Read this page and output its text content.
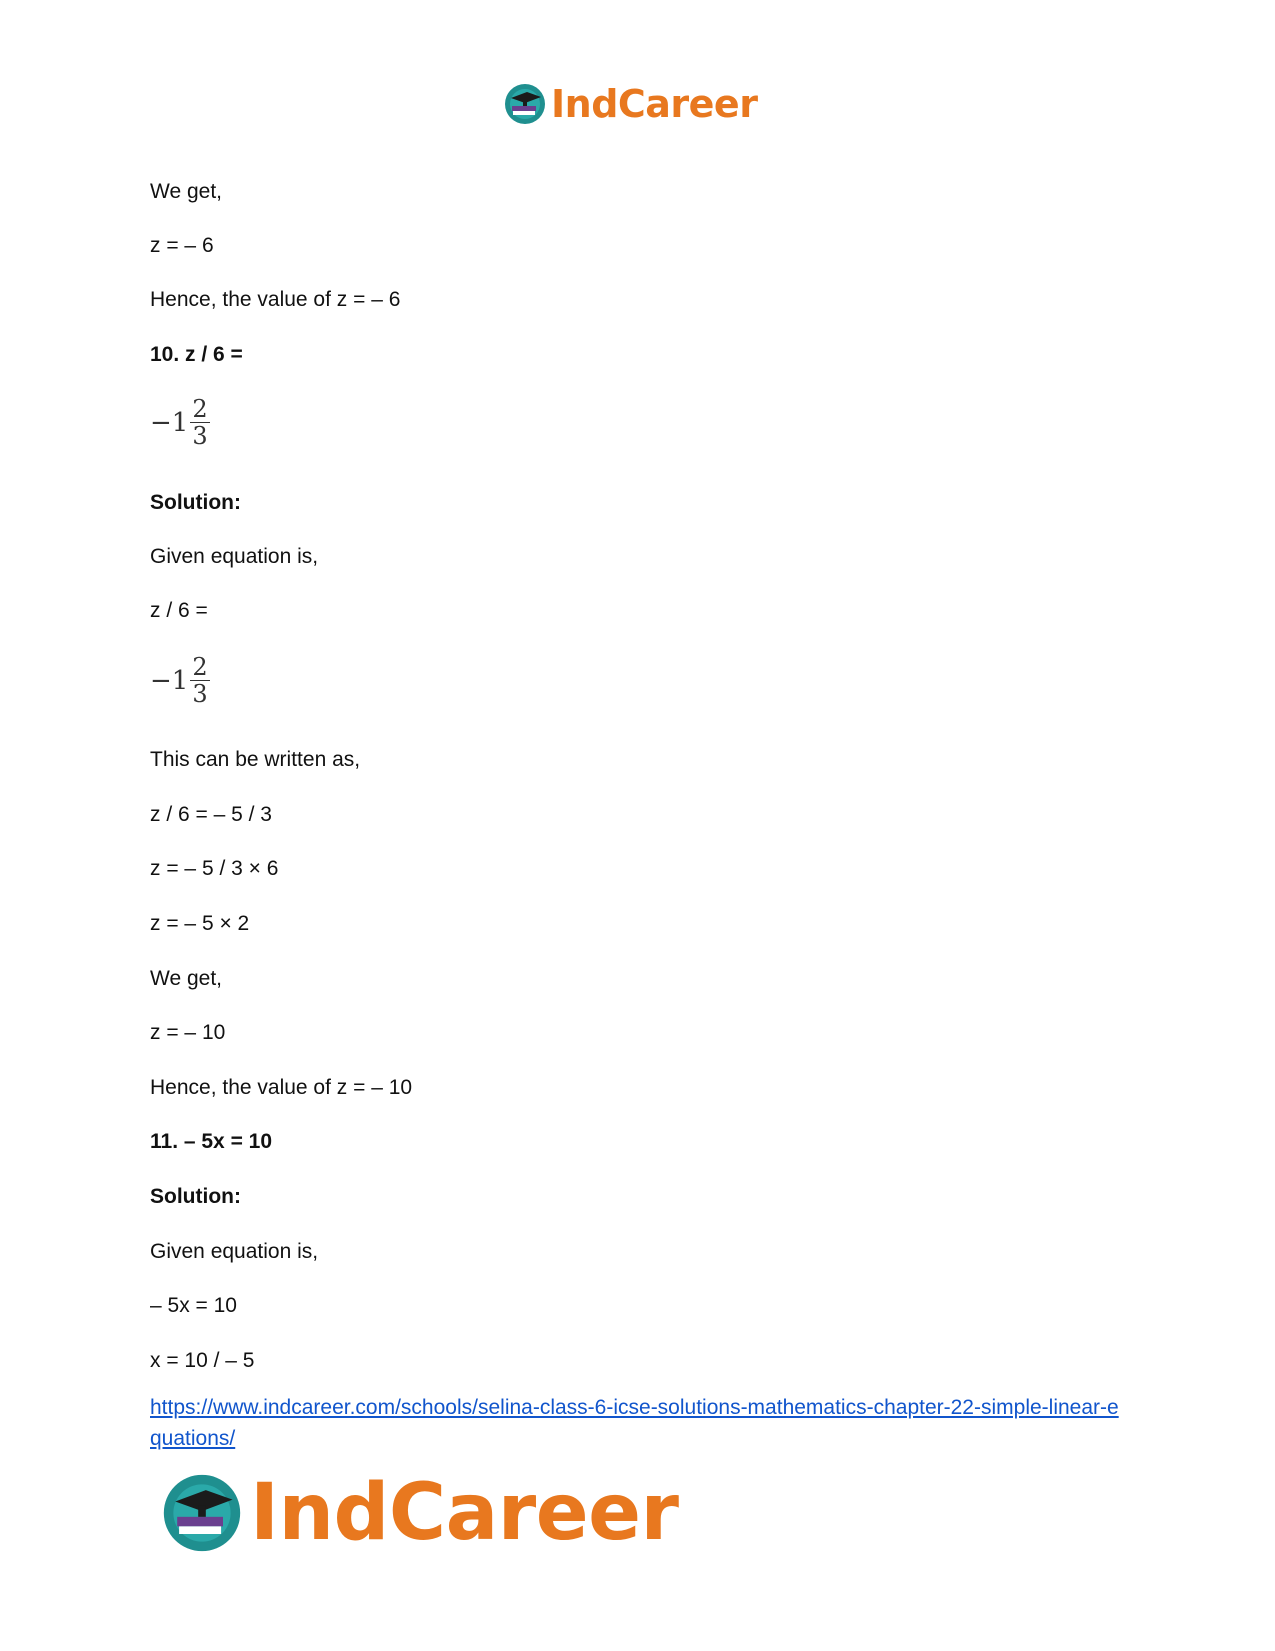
IndCareer
We get,
z = – 6
Hence, the value of z = – 6
10. z / 6 =
$-1 \frac{2}{3}$
Solution:
Given equation is,
z / 6 =
$-1 \frac{2}{3}$
This can be written as,
z / 6 = – 5 / 3
z = – 5 / 3 × 6
z = – 5 × 2
We get,
z = – 10
Hence, the value of z = – 10
11. – 5x = 10
Solution:
Given equation is,
– 5x = 10
x = 10 / – 5
https://www.indcareer.com/schools/selina-class-6-icse-solutions-mathematics-chapter-22-simple-linear-equations/
IndCareer
